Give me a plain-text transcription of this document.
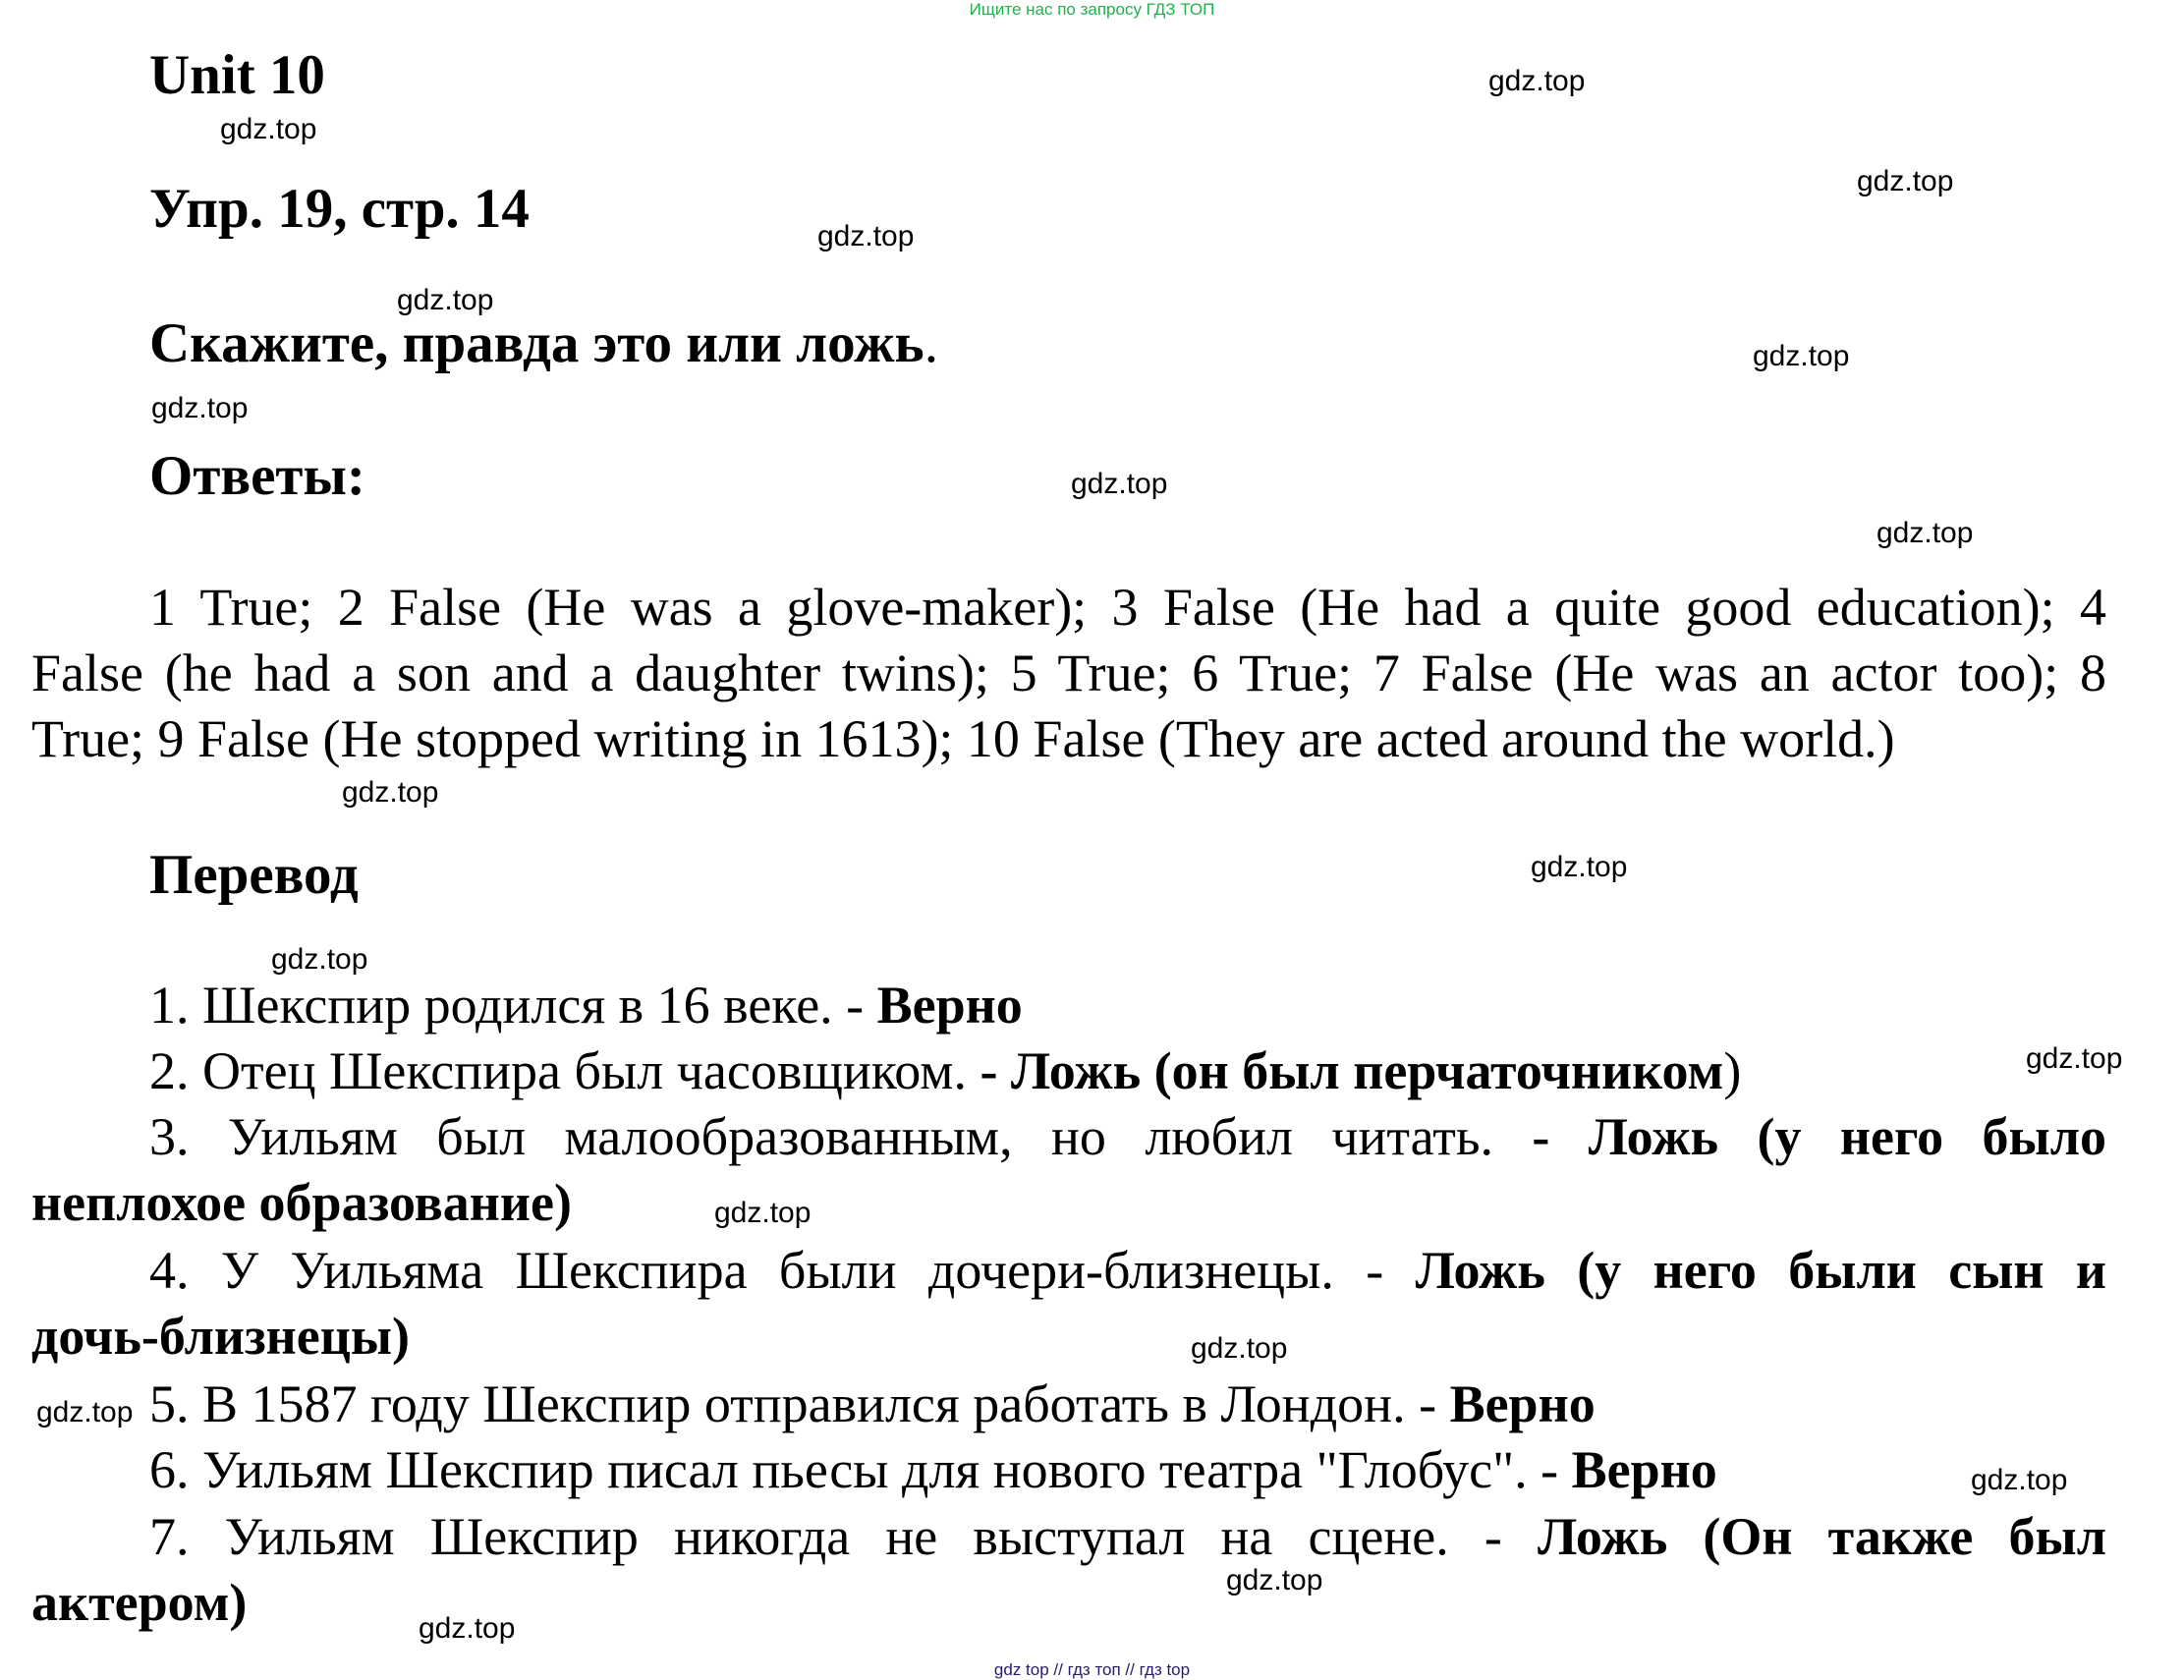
Ищите нас по запросу ГДЗ ТОП
Unit 10
Упр. 19, стр. 14
Скажите, правда это или ложь.
Ответы:
1 True; 2 False (He was a glove-maker); 3 False (He had a quite good education); 4
False (he had a son and a daughter twins); 5 True; 6 True; 7 False (He was an actor too); 8
True; 9 False (He stopped writing in 1613); 10 False (They are acted around the world.)
Перевод
1. Шекспир родился в 16 веке. - Верно
2. Отец Шекспира был часовщиком. - Ложь (он был перчаточником)
3. Уильям был малообразованным, но любил читать. - Ложь (у него было
неплохое образование)
4. У Уильяма Шекспира были дочери-близнецы. - Ложь (у него были сын и
дочь-близнецы)
5. В 1587 году Шекспир отправился работать в Лондон. - Верно
6. Уильям Шекспир писал пьесы для нового театра "Глобус". - Верно
7. Уильям Шекспир никогда не выступал на сцене. - Ложь (Он также был
актером)
gdz.top
gdz.top
gdz.top
gdz.top
gdz.top
gdz.top
gdz.top
gdz.top
gdz.top
gdz.top
gdz.top
gdz.top
gdz.top
gdz.top
gdz.top
gdz.top
gdz.top
gdz.top
gdz.top
gdz top // гдз топ // гдз top
